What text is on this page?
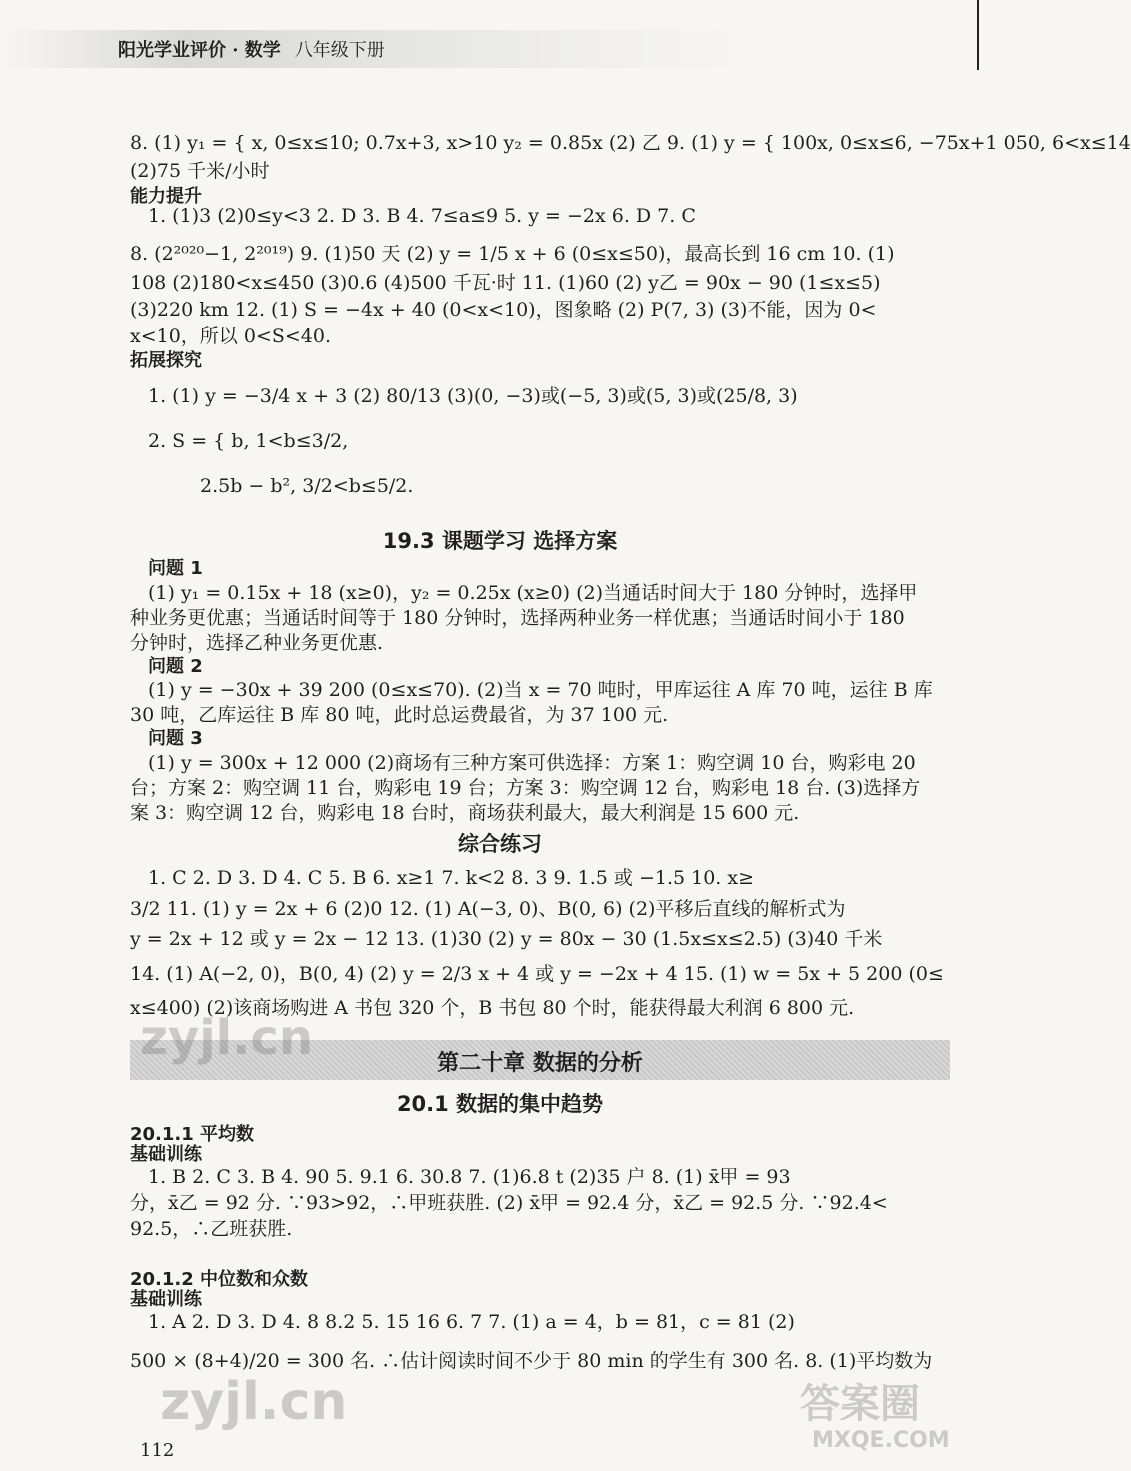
阳光学业评价 · 数学 八年级下册
8. (1) y₁ = { x, 0≤x≤10; 0.7x+3, x>10 y₂ = 0.85x (2) 乙 9. (1) y = { 100x, 0≤x≤6, −75x+1 050, 6<x≤14
(2)75 千米/小时
能力提升
1. (1)3 (2)0≤y<3 2. D 3. B 4. 7≤a≤9 5. y = −2x 6. D 7. C
8. (2²⁰²⁰−1, 2²⁰¹⁹) 9. (1)50 天 (2) y = 1/5 x + 6 (0≤x≤50)，最高长到 16 cm 10. (1)
108 (2)180<x≤450 (3)0.6 (4)500 千瓦·时 11. (1)60 (2) y乙 = 90x − 90 (1≤x≤5)
(3)220 km 12. (1) S = −4x + 40 (0<x<10)，图象略 (2) P(7, 3) (3)不能，因为 0<
x<10，所以 0<S<40.
拓展探究
1. (1) y = −3/4 x + 3 (2) 80/13 (3)(0, −3)或(−5, 3)或(5, 3)或(25/8, 3)
2. S = { b, 1<b≤3/2,
2.5b − b², 3/2<b≤5/2.
19.3 课题学习 选择方案
问题 1
(1) y₁ = 0.15x + 18 (x≥0)，y₂ = 0.25x (x≥0) (2)当通话时间大于 180 分钟时，选择甲
种业务更优惠；当通话时间等于 180 分钟时，选择两种业务一样优惠；当通话时间小于 180
分钟时，选择乙种业务更优惠.
问题 2
(1) y = −30x + 39 200 (0≤x≤70). (2)当 x = 70 吨时，甲库运往 A 库 70 吨，运往 B 库
30 吨，乙库运往 B 库 80 吨，此时总运费最省，为 37 100 元.
问题 3
(1) y = 300x + 12 000 (2)商场有三种方案可供选择：方案 1：购空调 10 台，购彩电 20
台；方案 2：购空调 11 台，购彩电 19 台；方案 3：购空调 12 台，购彩电 18 台. (3)选择方
案 3：购空调 12 台，购彩电 18 台时，商场获利最大，最大利润是 15 600 元.
综合练习
1. C 2. D 3. D 4. C 5. B 6. x≥1 7. k<2 8. 3 9. 1.5 或 −1.5 10. x≥
3/2 11. (1) y = 2x + 6 (2)0 12. (1) A(−3, 0)、B(0, 6) (2)平移后直线的解析式为
y = 2x + 12 或 y = 2x − 12 13. (1)30 (2) y = 80x − 30 (1.5x≤x≤2.5) (3)40 千米
14. (1) A(−2, 0)，B(0, 4) (2) y = 2/3 x + 4 或 y = −2x + 4 15. (1) w = 5x + 5 200 (0≤
x≤400) (2)该商场购进 A 书包 320 个，B 书包 80 个时，能获得最大利润 6 800 元.
第二十章 数据的分析
20.1 数据的集中趋势
20.1.1 平均数
基础训练
1. B 2. C 3. B 4. 90 5. 9.1 6. 30.8 7. (1)6.8 t (2)35 户 8. (1) x̄甲 = 93
分，x̄乙 = 92 分. ∵93>92，∴甲班获胜. (2) x̄甲 = 92.4 分，x̄乙 = 92.5 分. ∵92.4<
92.5，∴乙班获胜.
20.1.2 中位数和众数
基础训练
1. A 2. D 3. D 4. 8 8.2 5. 15 16 6. 7 7. (1) a = 4，b = 81，c = 81 (2)
500 × (8+4)/20 = 300 名. ∴估计阅读时间不少于 80 min 的学生有 300 名. 8. (1)平均数为
112
zyjl.cn
zyjl.cn	答案圈
MXQE.COM
